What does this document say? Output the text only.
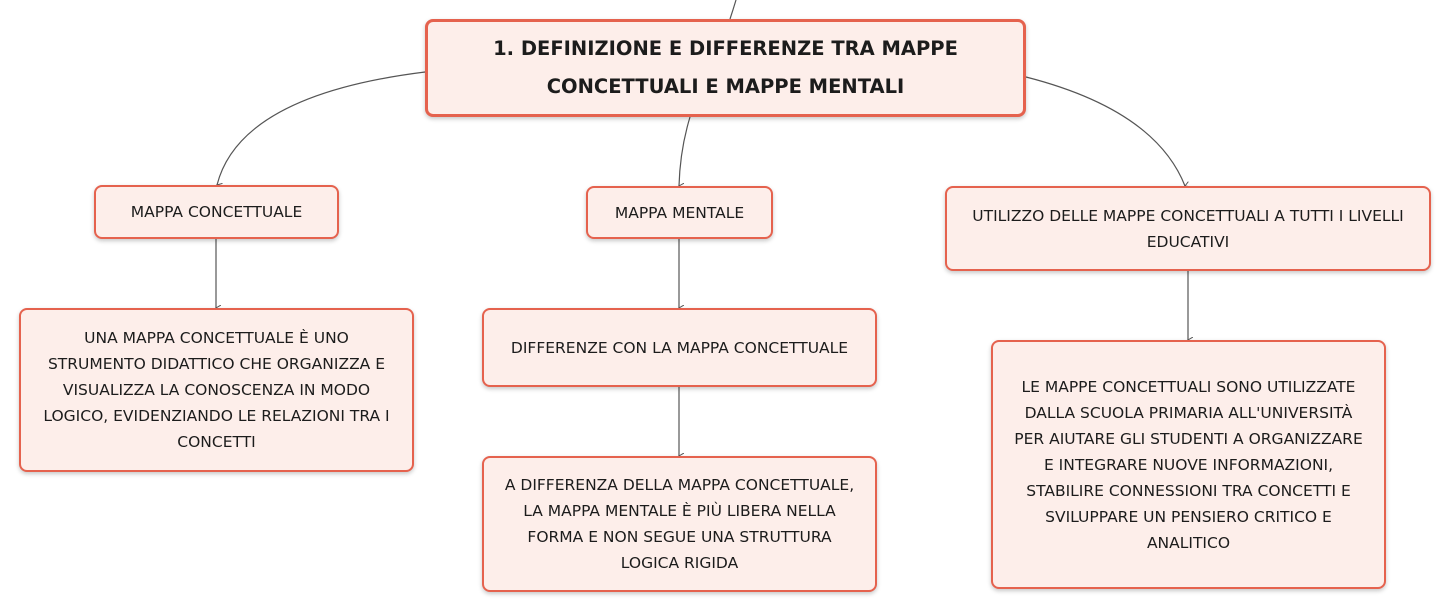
1. DEFINIZIONE E DIFFERENZE TRA MAPPE CONCETTUALI E MAPPE MENTALI
MAPPA CONCETTUALE	MAPPA MENTALE	UTILIZZO DELLE MAPPE CONCETTUALI A TUTTI I LIVELLI EDUCATIVI
UNA MAPPA CONCETTUALE È UNO STRUMENTO DIDATTICO CHE ORGANIZZA E VISUALIZZA LA CONOSCENZA IN MODO LOGICO, EVIDENZIANDO LE RELAZIONI TRA I CONCETTI
DIFFERENZE CON LA MAPPA CONCETTUALE
A DIFFERENZA DELLA MAPPA CONCETTUALE, LA MAPPA MENTALE È PIÙ LIBERA NELLA FORMA E NON SEGUE UNA STRUTTURA LOGICA RIGIDA
LE MAPPE CONCETTUALI SONO UTILIZZATE DALLA SCUOLA PRIMARIA ALL'UNIVERSITÀ PER AIUTARE GLI STUDENTI A ORGANIZZARE E INTEGRARE NUOVE INFORMAZIONI, STABILIRE CONNESSIONI TRA CONCETTI E SVILUPPARE UN PENSIERO CRITICO E ANALITICO
